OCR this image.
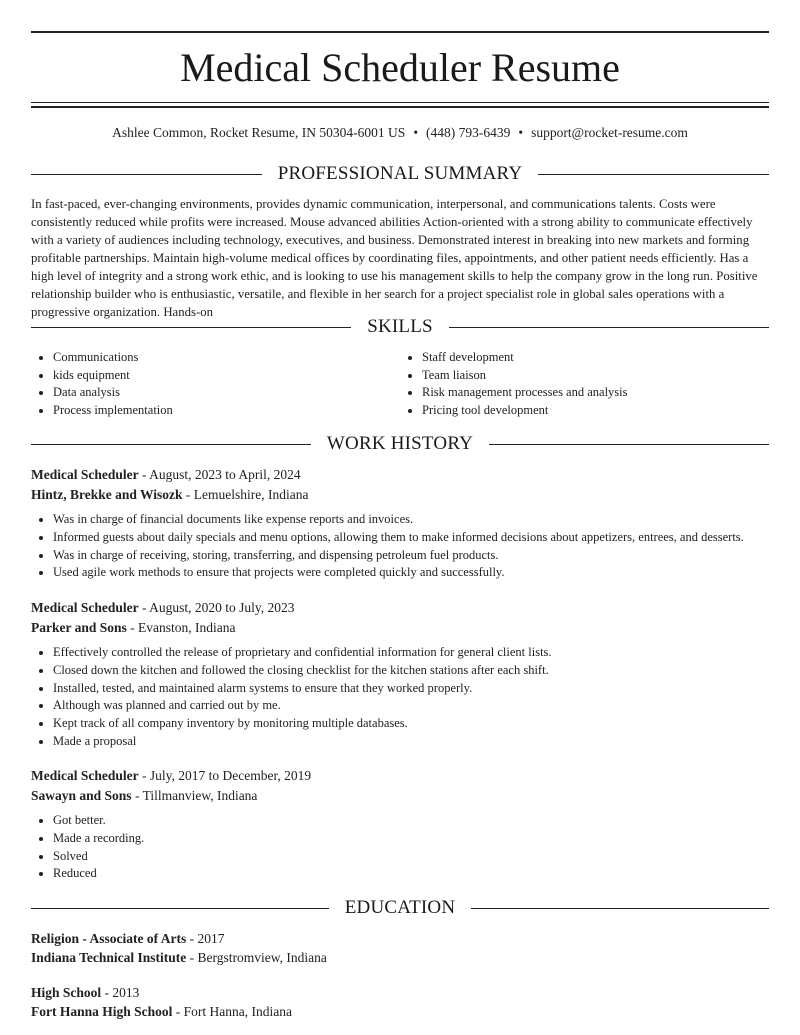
Medical Scheduler Resume
Ashlee Common, Rocket Resume, IN 50304-6001 US • (448) 793-6439 • support@rocket-resume.com
PROFESSIONAL SUMMARY
In fast-paced, ever-changing environments, provides dynamic communication, interpersonal, and communications talents. Costs were consistently reduced while profits were increased. Mouse advanced abilities Action-oriented with a strong ability to communicate effectively with a variety of audiences including technology, executives, and business. Demonstrated interest in breaking into new markets and forming profitable partnerships. Maintain high-volume medical offices by coordinating files, appointments, and other patient needs efficiently. Has a high level of integrity and a strong work ethic, and is looking to use his management skills to help the company grow in the long run. Positive relationship builder who is enthusiastic, versatile, and flexible in her search for a project specialist role in global sales operations with a progressive organization. Hands-on
SKILLS
• Communications
• kids equipment
• Data analysis
• Process implementation
• Staff development
• Team liaison
• Risk management processes and analysis
• Pricing tool development
WORK HISTORY
Medical Scheduler - August, 2023 to April, 2024
Hintz, Brekke and Wisozk - Lemuelshire, Indiana
• Was in charge of financial documents like expense reports and invoices.
• Informed guests about daily specials and menu options, allowing them to make informed decisions about appetizers, entrees, and desserts.
• Was in charge of receiving, storing, transferring, and dispensing petroleum fuel products.
• Used agile work methods to ensure that projects were completed quickly and successfully.
Medical Scheduler - August, 2020 to July, 2023
Parker and Sons - Evanston, Indiana
• Effectively controlled the release of proprietary and confidential information for general client lists.
• Closed down the kitchen and followed the closing checklist for the kitchen stations after each shift.
• Installed, tested, and maintained alarm systems to ensure that they worked properly.
• Although was planned and carried out by me.
• Kept track of all company inventory by monitoring multiple databases.
• Made a proposal
Medical Scheduler - July, 2017 to December, 2019
Sawayn and Sons - Tillmanview, Indiana
• Got better.
• Made a recording.
• Solved
• Reduced
EDUCATION
Religion - Associate of Arts - 2017
Indiana Technical Institute - Bergstromview, Indiana
High School - 2013
Fort Hanna High School - Fort Hanna, Indiana
